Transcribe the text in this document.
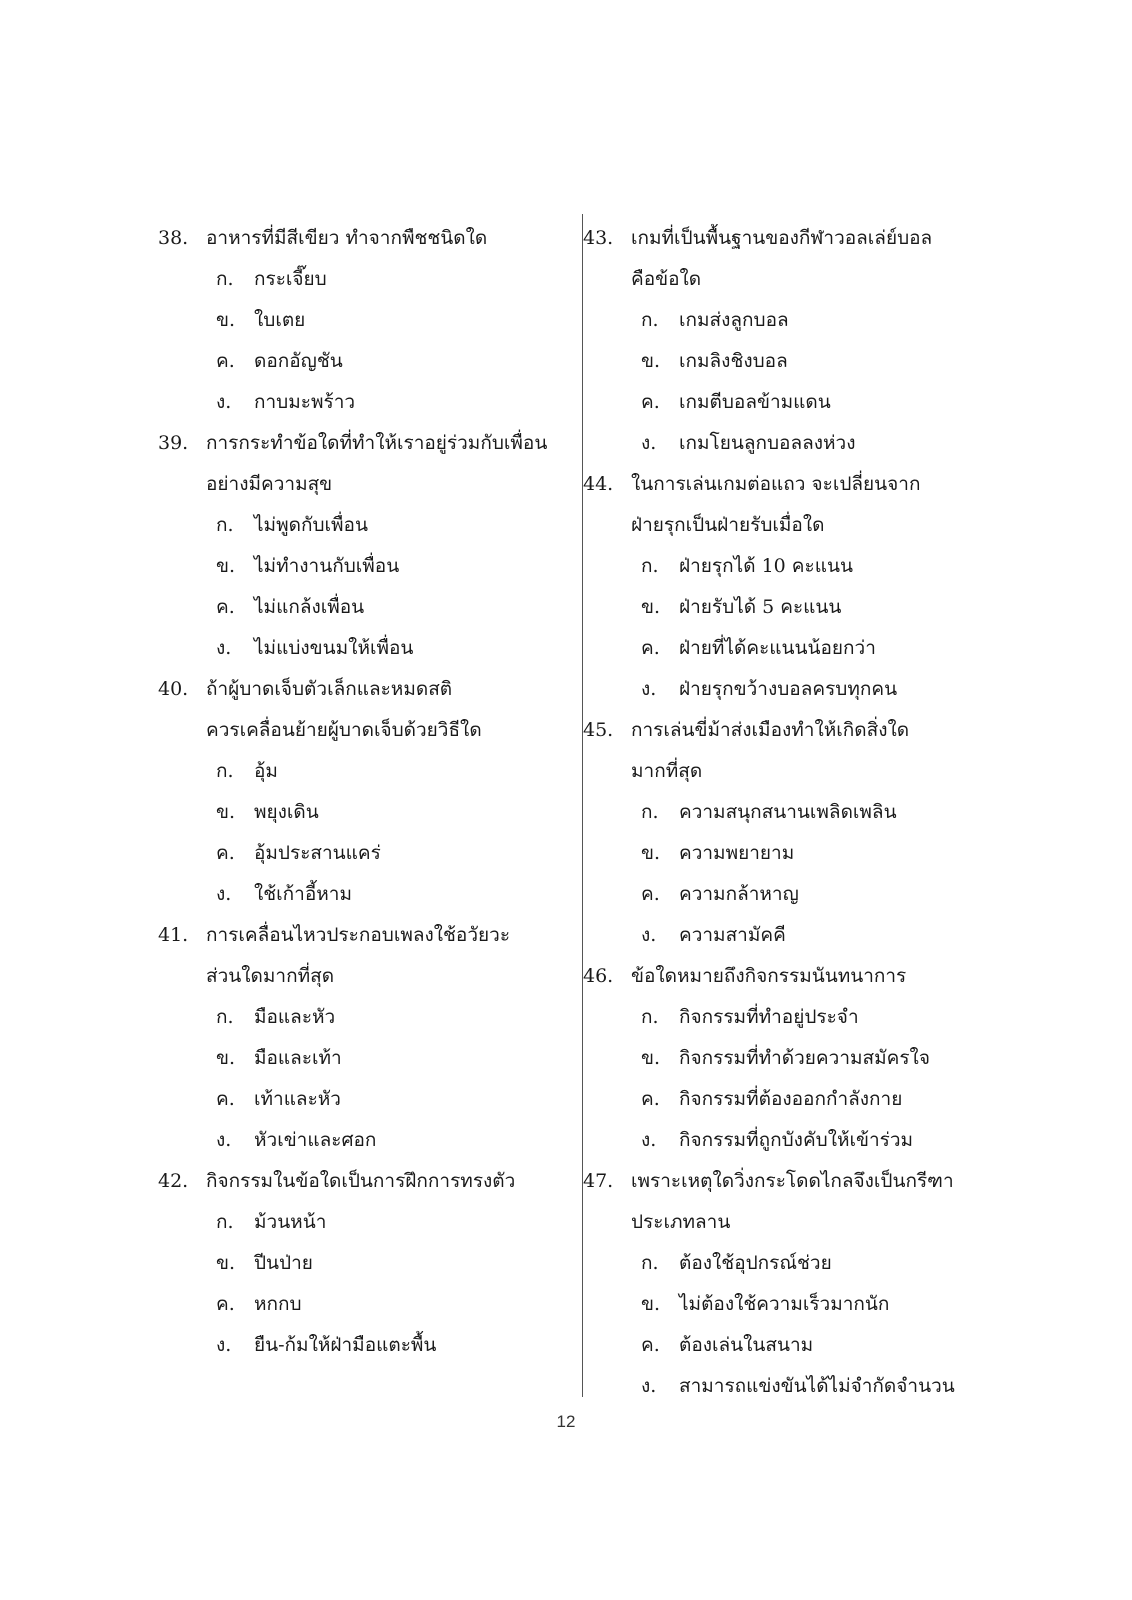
38. อาหารที่มีสีเขียว ทำจากพืชชนิดใด
ก.	กระเจี๊ยบ
ข. ใบเตย
ค.	ดอกอัญชัน
ง.	กาบมะพร้าว
39. การกระทำข้อใดที่ทำให้เราอยู่ร่วมกับเพื่อน
อย่างมีความสุข
ก.	ไม่พูดกับเพื่อน
ข. ไม่ทำงานกับเพื่อน
ค.	ไม่แกล้งเพื่อน
ง.	ไม่แบ่งขนมให้เพื่อน
40. ถ้าผู้บาดเจ็บตัวเล็กและหมดสติ
ควรเคลื่อนย้ายผู้บาดเจ็บด้วยวิธีใด
ก.	อุ้ม
ข. พยุงเดิน
ค.	อุ้มประสานแคร่
ง.	ใช้เก้าอี้หาม
41. การเคลื่อนไหวประกอบเพลงใช้อวัยวะ
ส่วนใดมากที่สุด
ก.	มือและหัว
ข. มือและเท้า
ค.	เท้าและหัว
ง.	หัวเข่าและศอก
42. กิจกรรมในข้อใดเป็นการฝึกการทรงตัว
ก.	ม้วนหน้า
ข. ปีนป่าย
ค.	หกกบ
ง.	ยืน-ก้มให้ฝ่ามือแตะพื้น
43. เกมที่เป็นพื้นฐานของกีฬาวอลเล่ย์บอล
คือข้อใด
ก.	เกมส่งลูกบอล
ข. เกมลิงชิงบอล
ค.	เกมตีบอลข้ามแดน
ง.	เกมโยนลูกบอลลงห่วง
44. ในการเล่นเกมต่อแถว จะเปลี่ยนจาก
ฝ่ายรุกเป็นฝ่ายรับเมื่อใด
ก.	ฝ่ายรุกได้ 10 คะแนน
ข. ฝ่ายรับได้ 5 คะแนน
ค.	ฝ่ายที่ได้คะแนนน้อยกว่า
ง.	ฝ่ายรุกขว้างบอลครบทุกคน
45. การเล่นขี่ม้าส่งเมืองทำให้เกิดสิ่งใด
มากที่สุด
ก.	ความสนุกสนานเพลิดเพลิน
ข. ความพยายาม
ค.	ความกล้าหาญ
ง.	ความสามัคคี
46. ข้อใดหมายถึงกิจกรรมนันทนาการ
ก.	กิจกรรมที่ทำอยู่ประจำ
ข. กิจกรรมที่ทำด้วยความสมัครใจ
ค.	กิจกรรมที่ต้องออกกำลังกาย
ง.	กิจกรรมที่ถูกบังคับให้เข้าร่วม
47. เพราะเหตุใดวิ่งกระโดดไกลจึงเป็นกรีฑา
ประเภทลาน
ก.	ต้องใช้อุปกรณ์ช่วย
ข. ไม่ต้องใช้ความเร็วมากนัก
ค.	ต้องเล่นในสนาม
ง.	สามารถแข่งขันได้ไม่จำกัดจำนวน
12
